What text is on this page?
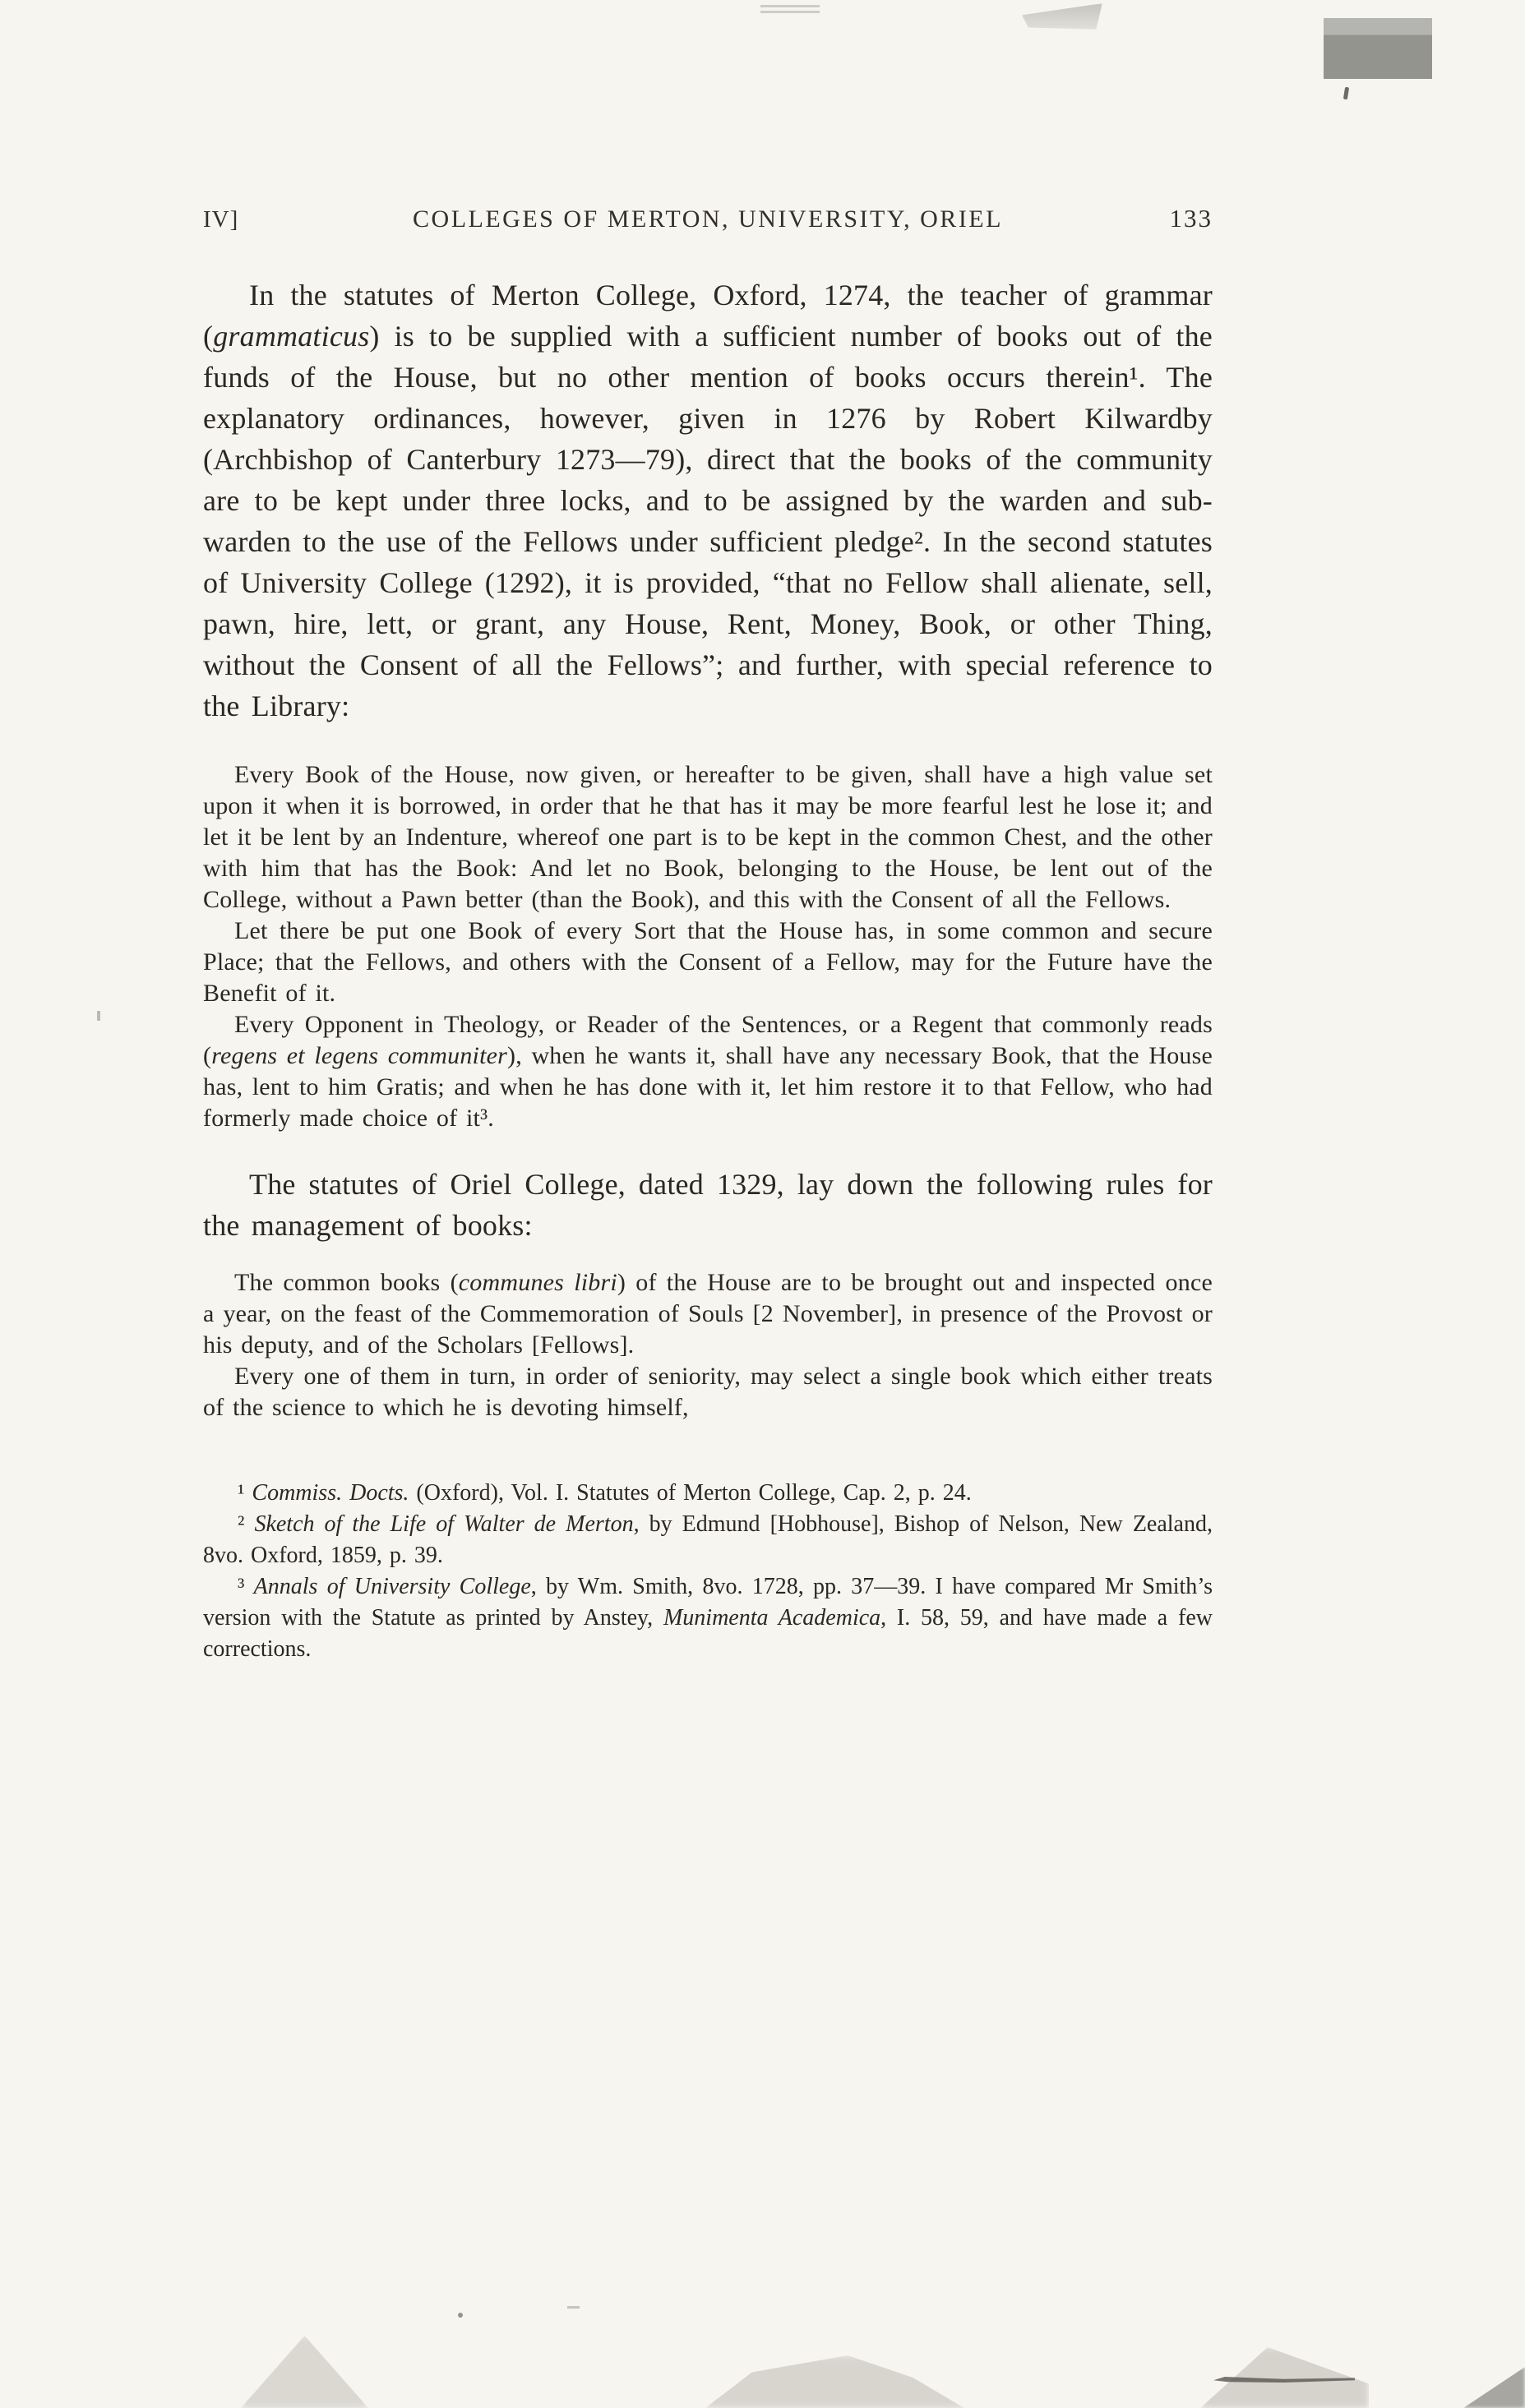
IV]	COLLEGES OF MERTON, UNIVERSITY, ORIEL	133

In the statutes of Merton College, Oxford, 1274, the teacher of grammar (grammaticus) is to be supplied with a sufficient number of books out of the funds of the House, but no other mention of books occurs therein¹. The explanatory ordinances, however, given in 1276 by Robert Kilwardby (Archbishop of Canterbury 1273—79), direct that the books of the community are to be kept under three locks, and to be assigned by the warden and sub-warden to the use of the Fellows under sufficient pledge². In the second statutes of University College (1292), it is provided, “that no Fellow shall alienate, sell, pawn, hire, lett, or grant, any House, Rent, Money, Book, or other Thing, without the Consent of all the Fellows”; and further, with special reference to the Library:

Every Book of the House, now given, or hereafter to be given, shall have a high value set upon it when it is borrowed, in order that he that has it may be more fearful lest he lose it; and let it be lent by an Indenture, whereof one part is to be kept in the common Chest, and the other with him that has the Book: And let no Book, belonging to the House, be lent out of the College, without a Pawn better (than the Book), and this with the Consent of all the Fellows.

Let there be put one Book of every Sort that the House has, in some common and secure Place; that the Fellows, and others with the Consent of a Fellow, may for the Future have the Benefit of it.

Every Opponent in Theology, or Reader of the Sentences, or a Regent that commonly reads (regens et legens communiter), when he wants it, shall have any necessary Book, that the House has, lent to him Gratis; and when he has done with it, let him restore it to that Fellow, who had formerly made choice of it³.

The statutes of Oriel College, dated 1329, lay down the following rules for the management of books:

The common books (communes libri) of the House are to be brought out and inspected once a year, on the feast of the Commemoration of Souls [2 November], in presence of the Provost or his deputy, and of the Scholars [Fellows].

Every one of them in turn, in order of seniority, may select a single book which either treats of the science to which he is devoting himself,

¹ Commiss. Docts. (Oxford), Vol. I. Statutes of Merton College, Cap. 2, p. 24.

² Sketch of the Life of Walter de Merton, by Edmund [Hobhouse], Bishop of Nelson, New Zealand, 8vo. Oxford, 1859, p. 39.

³ Annals of University College, by Wm. Smith, 8vo. 1728, pp. 37—39. I have compared Mr Smith’s version with the Statute as printed by Anstey, Munimenta Academica, I. 58, 59, and have made a few corrections.
